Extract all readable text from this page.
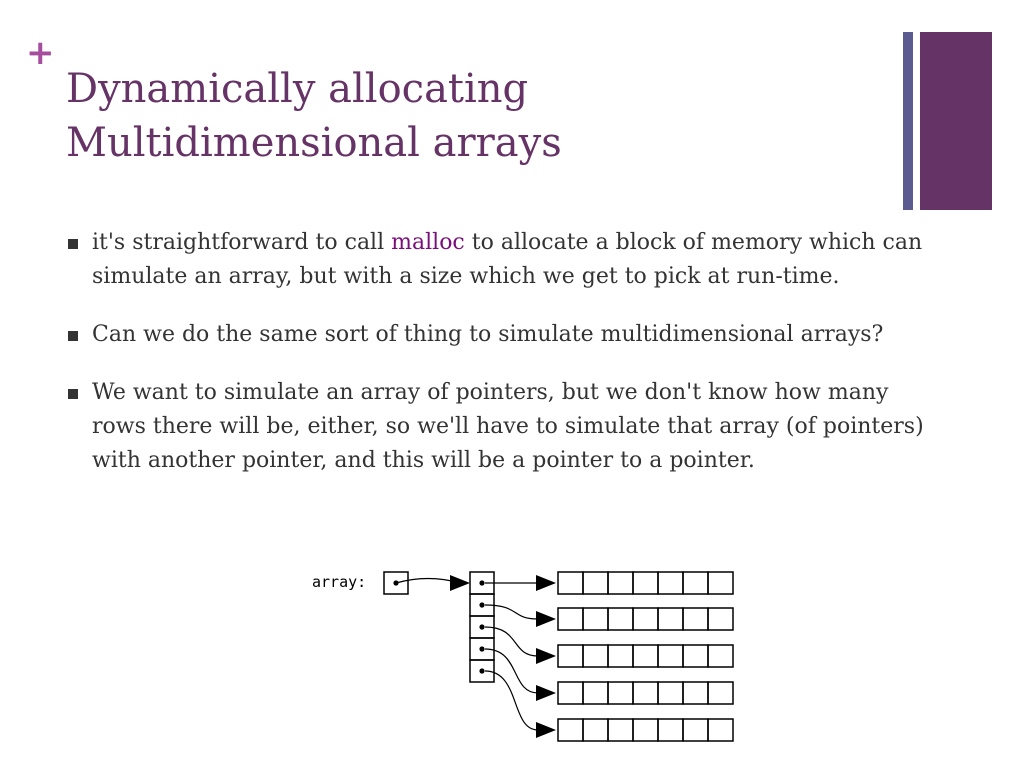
+
Dynamically allocating
Multidimensional arrays
it's straightforward to call malloc to allocate a block of memory which can simulate an array, but with a size which we get to pick at run-time.
Can we do the same sort of thing to simulate multidimensional arrays?
We want to simulate an array of pointers, but we don't know how many rows there will be, either, so we'll have to simulate that array (of pointers) with another pointer, and this will be a pointer to a pointer.
array:
